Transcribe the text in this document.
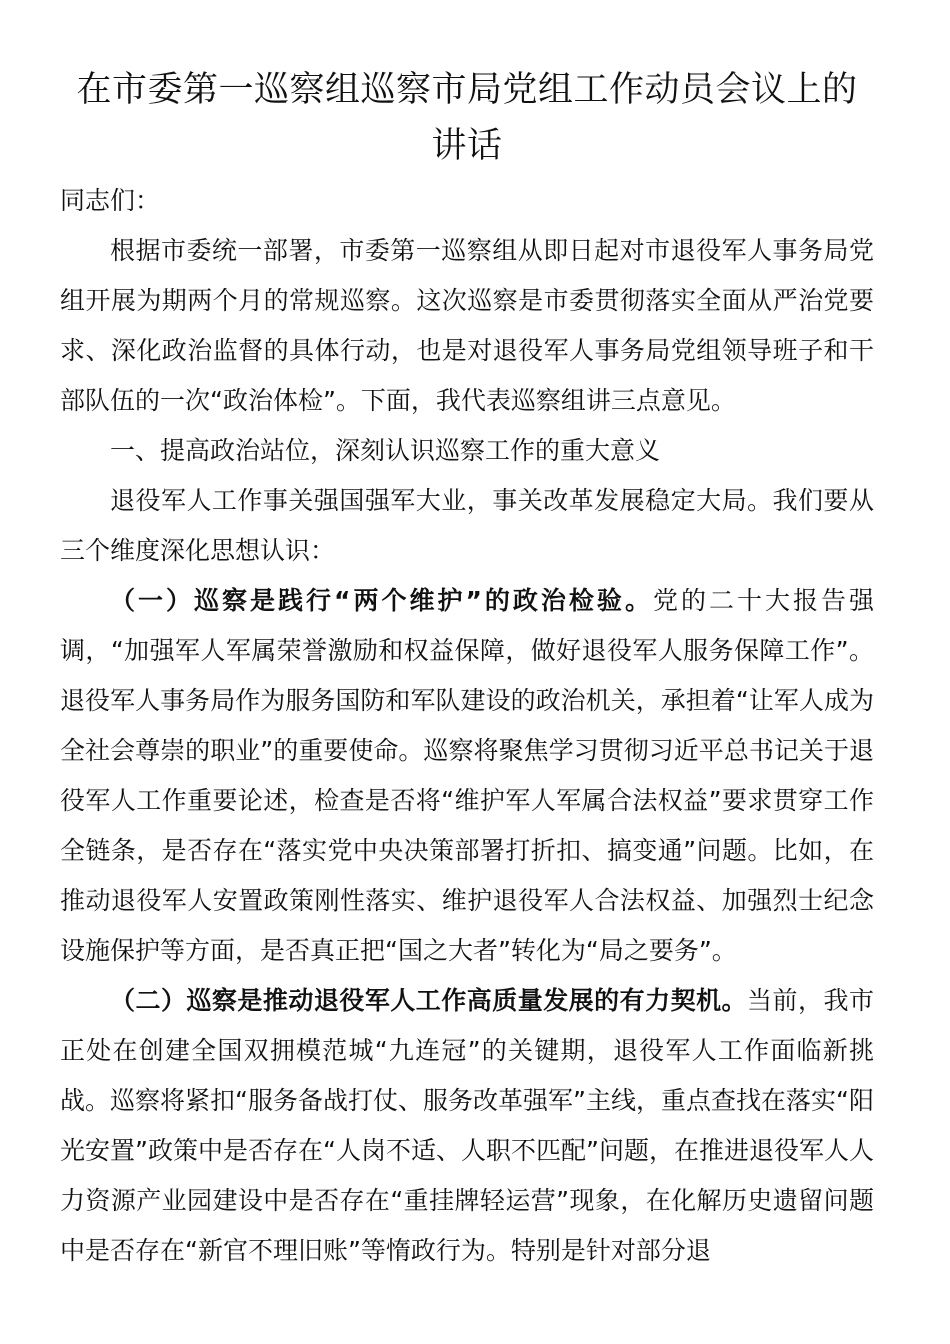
在市委第一巡察组巡察市局党组工作动员会议上的讲话

同志们：

根据市委统一部署，市委第一巡察组从即日起对市退役军人事务局党组开展为期两个月的常规巡察。这次巡察是市委贯彻落实全面从严治党要求、深化政治监督的具体行动，也是对退役军人事务局党组领导班子和干部队伍的一次“政治体检”。下面，我代表巡察组讲三点意见。

一、提高政治站位，深刻认识巡察工作的重大意义

退役军人工作事关强国强军大业，事关改革发展稳定大局。我们要从三个维度深化思想认识：

（一）巡察是践行“两个维护”的政治检验。党的二十大报告强调，“加强军人军属荣誉激励和权益保障，做好退役军人服务保障工作”。退役军人事务局作为服务国防和军队建设的政治机关，承担着“让军人成为全社会尊崇的职业”的重要使命。巡察将聚焦学习贯彻习近平总书记关于退役军人工作重要论述，检查是否将“维护军人军属合法权益”要求贯穿工作全链条，是否存在“落实党中央决策部署打折扣、搞变通”问题。比如，在推动退役军人安置政策刚性落实、维护退役军人合法权益、加强烈士纪念设施保护等方面，是否真正把“国之大者”转化为“局之要务”。

（二）巡察是推动退役军人工作高质量发展的有力契机。当前，我市正处在创建全国双拥模范城“九连冠”的关键期，退役军人工作面临新挑战。巡察将紧扣“服务备战打仗、服务改革强军”主线，重点查找在落实“阳光安置”政策中是否存在“人岗不适、人职不匹配”问题，在推进退役军人人力资源产业园建设中是否存在“重挂牌轻运营”现象，在化解历史遗留问题中是否存在“新官不理旧账”等惰政行为。特别是针对部分退
